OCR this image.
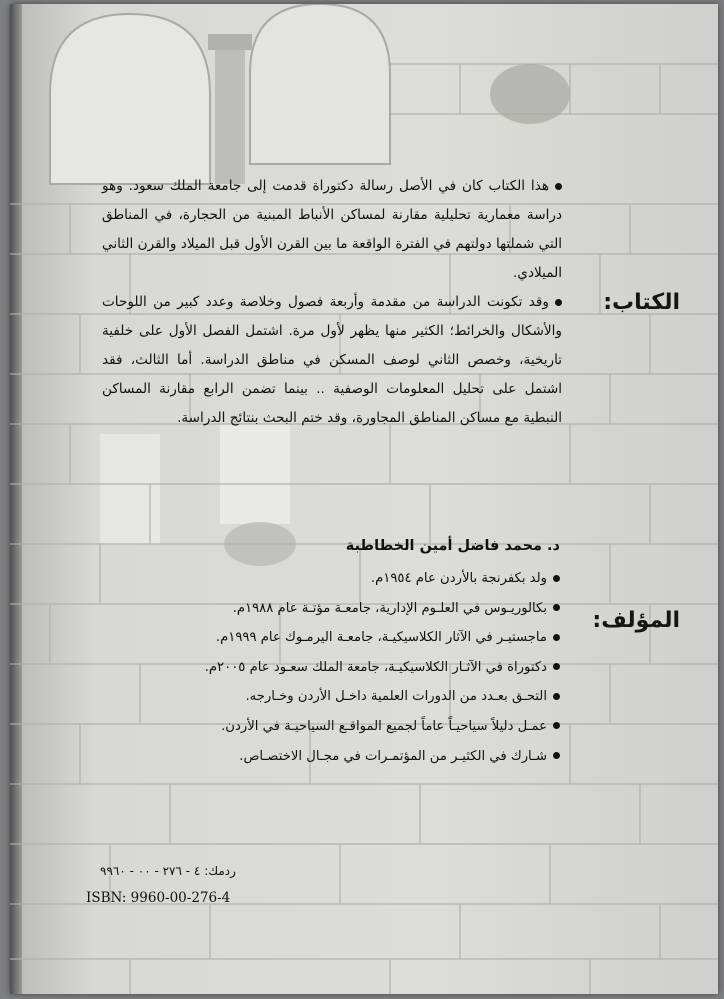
الكتاب:

هذا الكتاب كان في الأصل رسالة دكتوراة قدمت إلى جامعة الملك سعود. وهو دراسة معمارية تحليلية مقارنة لمساكن الأنباط المبنية من الحجارة، في المناطق التي شملتها دولتهم في الفترة الواقعة ما بين القرن الأول قبل الميلاد والقرن الثاني الميلادي.

وقد تكونت الدراسة من مقدمة وأربعة فصول وخلاصة وعدد كبير من اللوحات والأشكال والخرائط؛ الكثير منها يظهر لأول مرة. اشتمل الفصل الأول على خلفية تاريخية، وخصص الثاني لوصف المسكن في مناطق الدراسة. أما الثالث، فقد اشتمل على تحليل المعلومات الوصفية .. بينما تضمن الرابع مقارنة المساكن النبطية مع مساكن المناطق المجاورة، وقد ختم البحث بنتائج الدراسة.

المؤلف:
د. محمد فاضل أمين الخطاطبة
ولد بكفرنجة بالأردن عام ١٩٥٤م.
بكالوريـوس في العلـوم الإدارية، جامعـة مؤتـة عام ١٩٨٨م.
ماجستيـر في الآثار الكلاسيكيـة، جامعـة اليرمـوك عام ١٩٩٩م.
دكتوراة في الآثـار الكلاسيكيـة، جامعة الملك سعـود عام ٢٠٠٥م.
التحـق بعـدد من الدورات العلمية داخـل الأردن وخـارجه.
عمـل دليلاً سياحيـاً عاماً لجميع المواقـع السياحيـة في الأردن.
شـارك في الكثيـر من المؤتمـرات في مجـال الاختصـاص.
ردمك: ٤ - ٢٧٦ - ٠٠ - ٩٩٦٠
ISBN: 9960-00-276-4
